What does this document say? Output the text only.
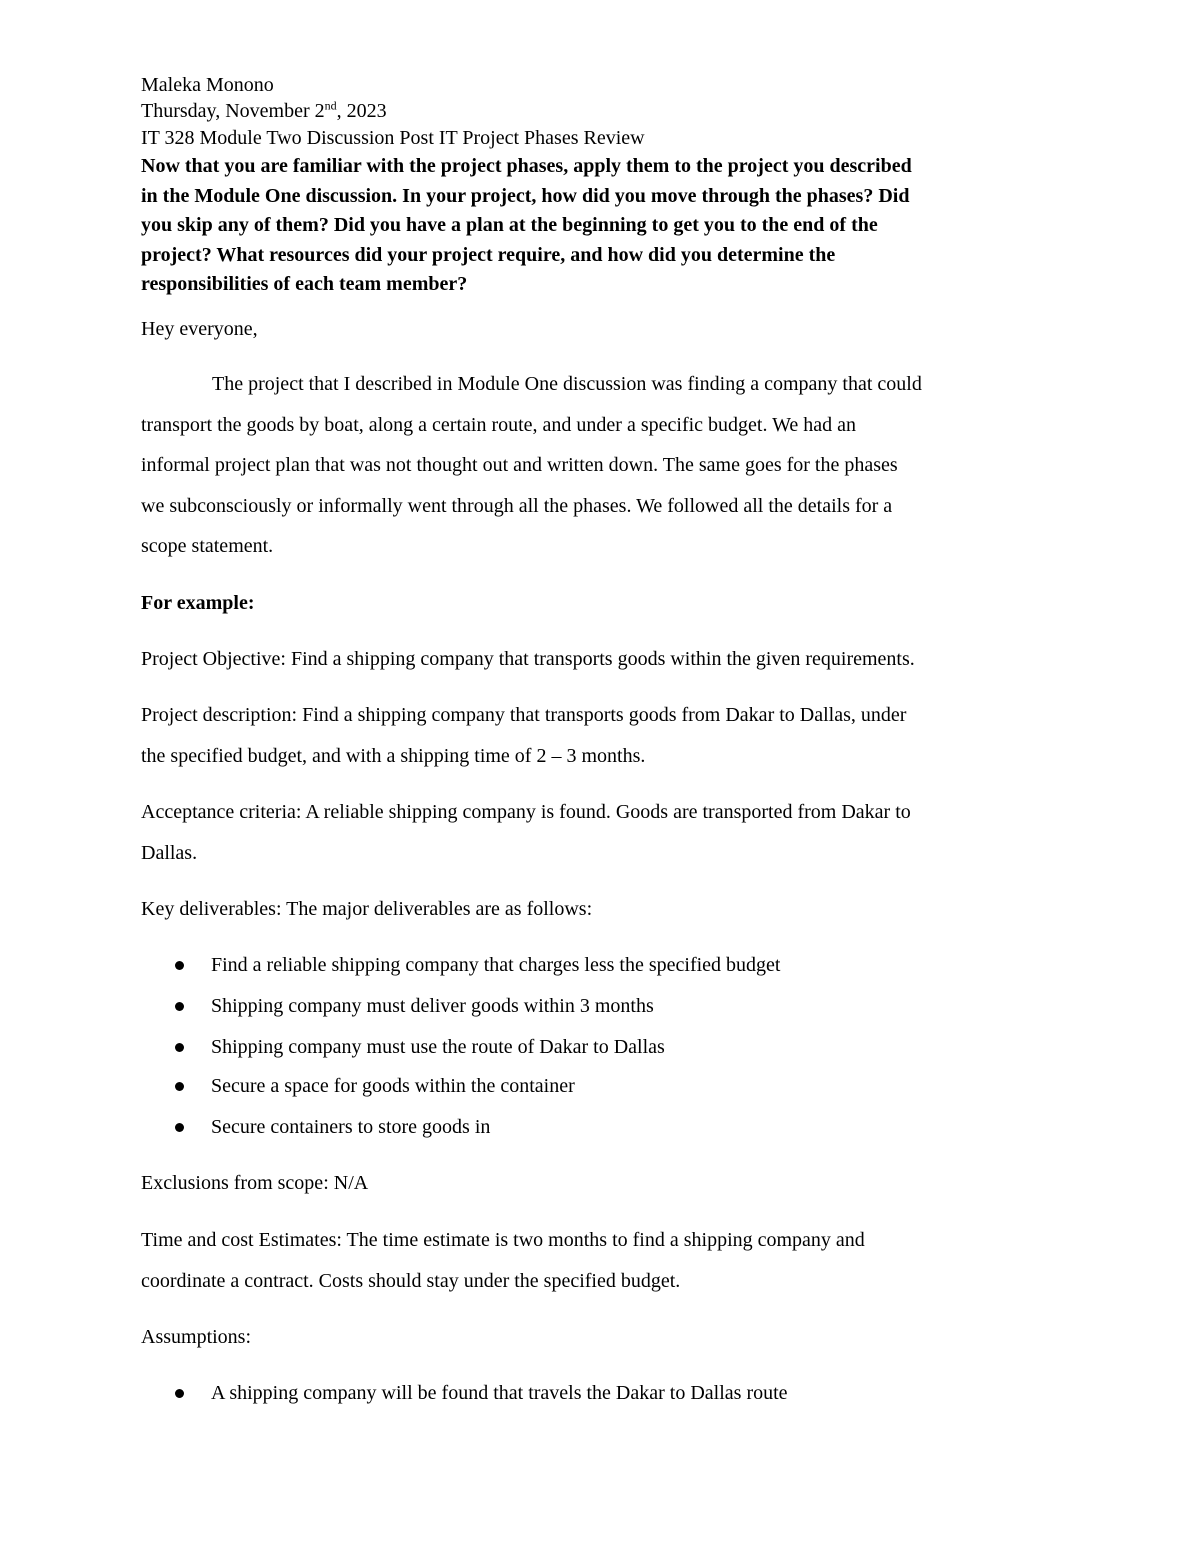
Maleka Monono
Thursday, November 2nd, 2023
IT 328 Module Two Discussion Post IT Project Phases Review
Now that you are familiar with the project phases, apply them to the project you described
in the Module One discussion. In your project, how did you move through the phases? Did
you skip any of them? Did you have a plan at the beginning to get you to the end of the
project? What resources did your project require, and how did you determine the
responsibilities of each team member?
Hey everyone,
The project that I described in Module One discussion was finding a company that could
transport the goods by boat, along a certain route, and under a specific budget. We had an
informal project plan that was not thought out and written down. The same goes for the phases
we subconsciously or informally went through all the phases. We followed all the details for a
scope statement.
For example:
Project Objective: Find a shipping company that transports goods within the given requirements.
Project description: Find a shipping company that transports goods from Dakar to Dallas, under
the specified budget, and with a shipping time of 2 – 3 months.
Acceptance criteria: A reliable shipping company is found. Goods are transported from Dakar to
Dallas.
Key deliverables: The major deliverables are as follows:
Find a reliable shipping company that charges less the specified budget
Shipping company must deliver goods within 3 months
Shipping company must use the route of Dakar to Dallas
Secure a space for goods within the container
Secure containers to store goods in
Exclusions from scope: N/A
Time and cost Estimates: The time estimate is two months to find a shipping company and
coordinate a contract. Costs should stay under the specified budget.
Assumptions:
A shipping company will be found that travels the Dakar to Dallas route
